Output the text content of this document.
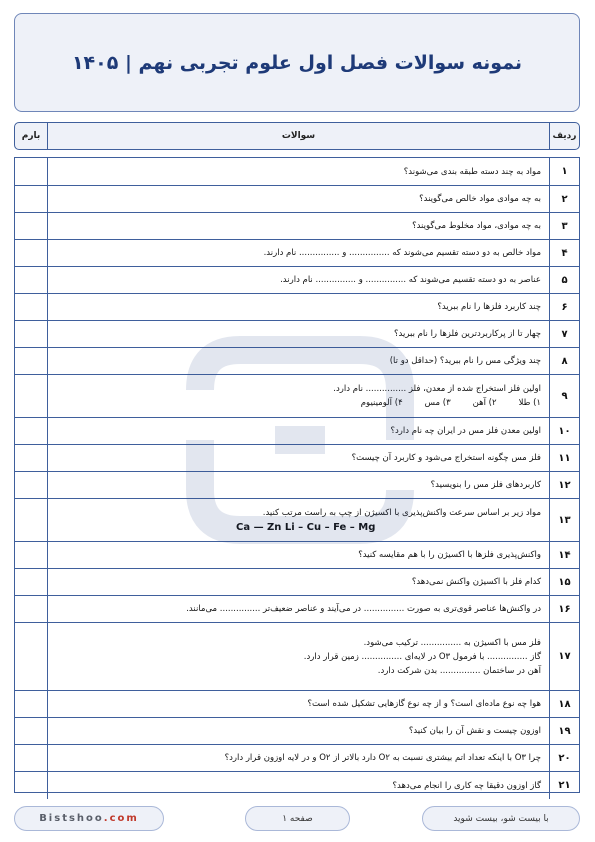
نمونه سوالات فصل اول علوم تجربی نهم | ۱۴۰۵
ردیف
سوالات
بارم
۱
مواد به چند دسته طبقه بندی می‌شوند؟
۲
به چه موادی مواد خالص می‌گویند؟
۳
به چه موادی، مواد مخلوط می‌گویند؟
۴
مواد خالص به دو دسته تقسیم می‌شوند که ............... و ............... نام دارند.
۵
عناصر به دو دسته تقسیم می‌شوند که ............... و ............... نام دارند.
۶
چند کاربرد فلزها را نام ببرید؟
۷
چهار تا از پرکاربردترین فلزها را نام ببرید؟
۸
چند ویژگی مس را نام ببرید؟ (حداقل دو تا)
۹
اولین فلز استخراج شده از معدن، فلز ............... نام دارد.
۱) طلا
۲) آهن
۳) مس
۴) آلومینیوم
۱۰
اولین معدن فلز مس در ایران چه نام دارد؟
۱۱
فلز مس چگونه استخراج می‌شود و کاربرد آن چیست؟
۱۲
کاربردهای فلز مس را بنویسید؟
۱۳
مواد زیر بر اساس سرعت واکنش‌پذیری با اکسیژن از چپ به راست مرتب کنید.
Ca — Zn Li – Cu – Fe – Mg
۱۴
واکنش‌پذیری فلزها با اکسیژن را با هم مقایسه کنید؟
۱۵
کدام فلز با اکسیژن واکنش نمی‌دهد؟
۱۶
در واکنش‌ها عناصر قوی‌تری به صورت ............... در می‌آیند و عناصر ضعیف‌تر ............... می‌مانند.
۱۷
فلز مس با اکسیژن به ............... ترکیب می‌شود.
گاز ............... با فرمول O۳ در لایه‌ای ............... زمین قرار دارد.
آهن در ساختمان ............... بدن شرکت دارد.
۱۸
هوا چه نوع ماده‌ای است؟ و از چه نوع گازهایی تشکیل شده است؟
۱۹
اوزون چیست و نقش آن را بیان کنید؟
۲۰
چرا O۳ با اینکه تعداد اتم بیشتری نسبت به O۲ دارد بالاتر از O۲ و در لایه اوزون قرار دارد؟
۲۱
گاز اوزون دقیقا چه کاری را انجام می‌دهد؟
Bistshoo .com	صفحه ۱	با بیست شو، بیست شوید
